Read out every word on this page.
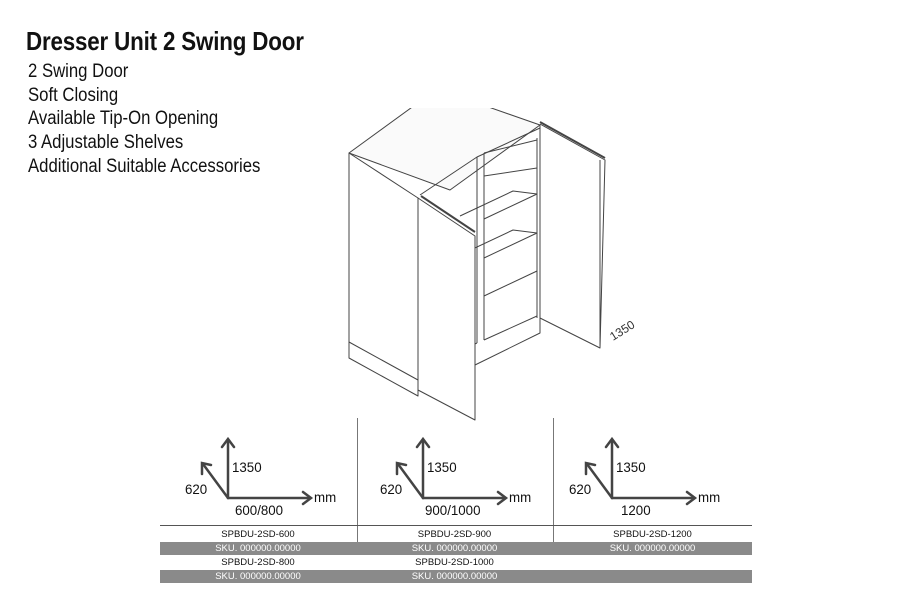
Dresser Unit 2 Swing Door
2 Swing Door
Soft Closing
Available Tip-On Opening
3 Adjustable Shelves
Additional Suitable Accessories
1350
1350
620
600/800
mm
1350
620
900/1000
mm
1350
620
1200
mm
SPBDU-2SD-600	SPBDU-2SD-900	SPBDU-2SD-1200
SKU. 000000.00000	SKU. 000000.00000	SKU. 000000.00000
SPBDU-2SD-800	SPBDU-2SD-1000
SKU. 000000.00000	SKU. 000000.00000
